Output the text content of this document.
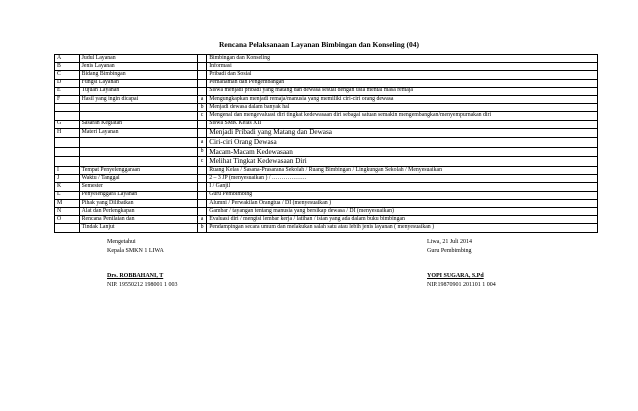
Rencana Pelaksanaan Layanan Bimbingan dan Konseling (04)
A	Judul Layanan		Bimbingan dan Konseling
B	Jenis Layanan		Informasi
C	Bidang Bimbingan		Pribadi dan Sosial
D	Fungsi Layanan		Pemahaman dan Pengembangan
E	Tujuan Layanan		Siswa menjadi pribadi yang matang dan dewasa sesuai dengan usia mental masa remaja
F	Hasil yang ingin dicapai	a	Mengungkapkan menjadi remaja/manusia yang memiliki ciri-ciri orang dewasa
		b	Menjadi dewasa dalam banyak hal
		c	Mengenal dan mengevaluasi diri tingkat kedewasaan diri sebagai satuan semakin mengembangkan/menyempurnakan diri
G	Sasaran Kegiatan		Siswa SMK Kelas XII
H	Materi Layanan		Menjadi Pribadi yang Matang dan Dewasa
		a	Ciri-ciri Orang Dewasa
		b	Macam-Macam Kedewasaan
		c	Melihat Tingkat Kedewasaan Diri
I	Tempat Penyelenggaraan		Ruang Kelas / Sasana-Prasarana Sekolah / Ruang Bimbingan / Lingkungan Sekolah / Menyesuaikan
J	Waktu / Tanggal		2 – 3 JP (menyesuaikan ) / ………………
K	Semester		I / Ganjil
L	Penyelenggara Layanan		Guru Pembimbing
M	Pihak yang Dilibatkan		Alumni / Perwakilan Orangtua / DI (menyesuaikan )
N	Alat dan Perlengkapan		Gambar / tayangan tentang manusia yang bersikap dewasa / DI (menyesuaikan)
O	Rencana Penilaian dan	a	Evaluasi diri / mengisi lembar kerja / latihan / isian yang ada dalam buku bimbingan
	Tindak Lanjut	b	Pendampingan secara umum dan melakukan salah satu atau lebih jenis layanan ( menyesuaikan )
Mengetahui
Kepala SMKN 1 LIWA
Drs. ROBBAHANI, T
NIP. 19550212 198001 1 003
Liwa, 21 Juli 2014
Guru Pembimbing
YOPI SUGARA, S.Pd
NIP.19870901 201101 1 004
